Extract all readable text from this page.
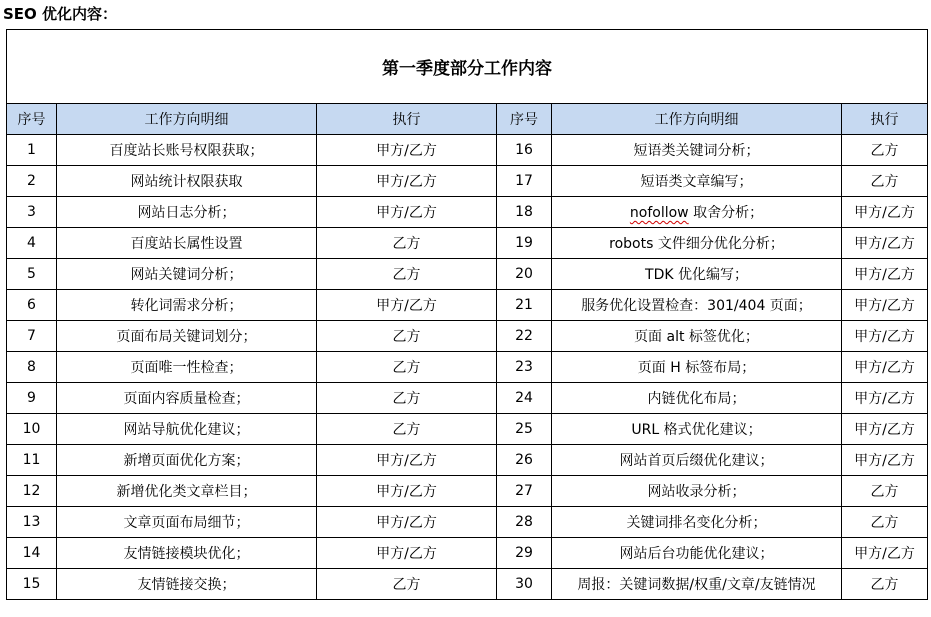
SEO 优化内容：
第一季度部分工作内容					
序号	工作方向明细	执行	序号	工作方向明细	执行
1	百度站长账号权限获取；	甲方/乙方	16	短语类关键词分析；	乙方
2	网站统计权限获取	甲方/乙方	17	短语类文章编写；	乙方
3	网站日志分析；	甲方/乙方	18	nofollow 取舍分析；	甲方/乙方
4	百度站长属性设置	乙方	19	robots 文件细分优化分析；	甲方/乙方
5	网站关键词分析；	乙方	20	TDK 优化编写；	甲方/乙方
6	转化词需求分析；	甲方/乙方	21	服务优化设置检查：301/404 页面；	甲方/乙方
7	页面布局关键词划分；	乙方	22	页面 alt 标签优化；	甲方/乙方
8	页面唯一性检查；	乙方	23	页面 H 标签布局；	甲方/乙方
9	页面内容质量检查；	乙方	24	内链优化布局；	甲方/乙方
10	网站导航优化建议；	乙方	25	URL 格式优化建议；	甲方/乙方
11	新增页面优化方案；	甲方/乙方	26	网站首页后缀优化建议；	甲方/乙方
12	新增优化类文章栏目；	甲方/乙方	27	网站收录分析；	乙方
13	文章页面布局细节；	甲方/乙方	28	关键词排名变化分析；	乙方
14	友情链接模块优化；	甲方/乙方	29	网站后台功能优化建议；	甲方/乙方
15	友情链接交换；	乙方	30	周报：关键词数据/权重/文章/友链情况	乙方
